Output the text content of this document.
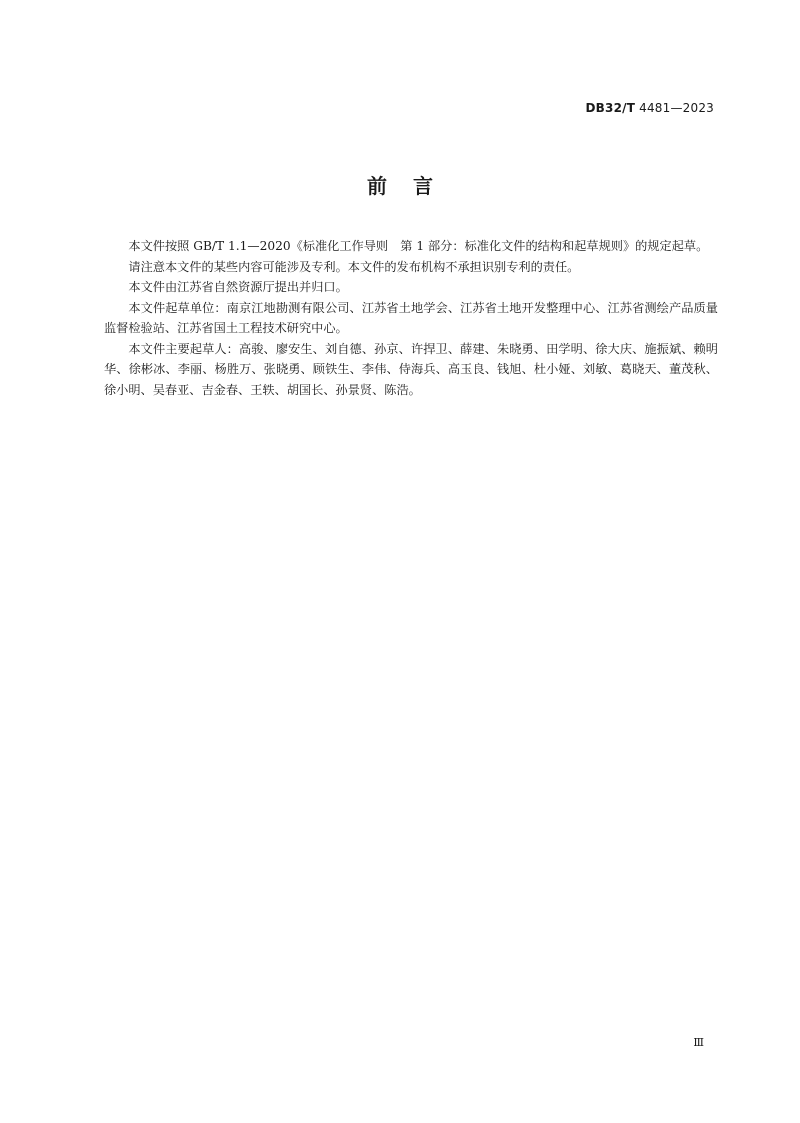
DB32/T 4481—2023
前言

本文件按照 GB/T 1.1—2020《标准化工作导则　第 1 部分：标准化文件的结构和起草规则》的规定起草。

请注意本文件的某些内容可能涉及专利。本文件的发布机构不承担识别专利的责任。

本文件由江苏省自然资源厅提出并归口。

本文件起草单位：南京江地勘测有限公司、江苏省土地学会、江苏省土地开发整理中心、江苏省测绘产品质量监督检验站、江苏省国土工程技术研究中心。

本文件主要起草人：高骏、廖安生、刘自德、孙京、许捍卫、薛建、朱晓勇、田学明、徐大庆、施振斌、赖明华、徐彬冰、李丽、杨胜万、张晓勇、顾铁生、李伟、侍海兵、高玉良、钱旭、杜小娅、刘敏、葛晓天、董茂秋、徐小明、吴春亚、吉金春、王轶、胡国长、孙景贤、陈浩。

Ⅲ
